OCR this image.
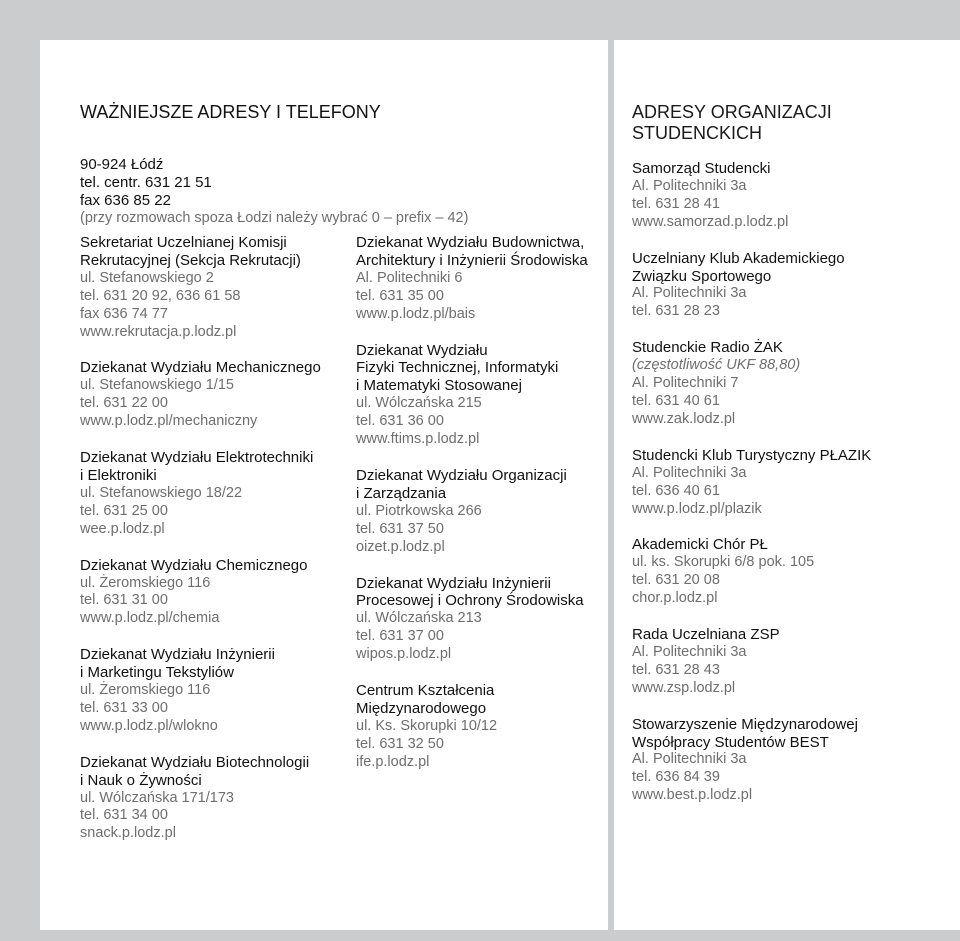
WAŻNIEJSZE ADRESY I TELEFONY
90-924 Łódź
tel. centr. 631 21 51
fax 636 85 22
(przy rozmowach spoza Łodzi należy wybrać 0 – prefix – 42)
Sekretariat Uczelnianej Komisji
Rekrutacyjnej (Sekcja Rekrutacji)
ul. Stefanowskiego 2
tel. 631 20 92, 636 61 58
fax 636 74 77
www.rekrutacja.p.lodz.pl
Dziekanat Wydziału Mechanicznego
ul. Stefanowskiego 1/15
tel. 631 22 00
www.p.lodz.pl/mechaniczny
Dziekanat Wydziału Elektrotechniki
i Elektroniki
ul. Stefanowskiego 18/22
tel. 631 25 00
wee.p.lodz.pl
Dziekanat Wydziału Chemicznego
ul. Żeromskiego 116
tel. 631 31 00
www.p.lodz.pl/chemia
Dziekanat Wydziału Inżynierii
i Marketingu Tekstyliów
ul. Żeromskiego 116
tel. 631 33 00
www.p.lodz.pl/wlokno
Dziekanat Wydziału Biotechnologii
i Nauk o Żywności
ul. Wólczańska 171/173
tel. 631 34 00
snack.p.lodz.pl
Dziekanat Wydziału Budownictwa,
Architektury i Inżynierii Środowiska
Al. Politechniki 6
tel. 631 35 00
www.p.lodz.pl/bais
Dziekanat Wydziału
Fizyki Technicznej, Informatyki
i Matematyki Stosowanej
ul. Wólczańska 215
tel. 631 36 00
www.ftims.p.lodz.pl
Dziekanat Wydziału Organizacji
i Zarządzania
ul. Piotrkowska 266
tel. 631 37 50
oizet.p.lodz.pl
Dziekanat Wydziału Inżynierii
Procesowej i Ochrony Środowiska
ul. Wólczańska 213
tel. 631 37 00
wipos.p.lodz.pl
Centrum Kształcenia
Międzynarodowego
ul. Ks. Skorupki 10/12
tel. 631 32 50
ife.p.lodz.pl
ADRESY ORGANIZACJI
STUDENCKICH
Samorząd Studencki
Al. Politechniki 3a
tel. 631 28 41
www.samorzad.p.lodz.pl
Uczelniany Klub Akademickiego
Związku Sportowego
Al. Politechniki 3a
tel. 631 28 23
Studenckie Radio ŻAK
(częstotliwość UKF 88,80)
Al. Politechniki 7
tel. 631 40 61
www.zak.lodz.pl
Studencki Klub Turystyczny PŁAZIK
Al. Politechniki 3a
tel. 636 40 61
www.p.lodz.pl/plazik
Akademicki Chór PŁ
ul. ks. Skorupki 6/8 pok. 105
tel. 631 20 08
chor.p.lodz.pl
Rada Uczelniana ZSP
Al. Politechniki 3a
tel. 631 28 43
www.zsp.lodz.pl
Stowarzyszenie Międzynarodowej
Współpracy Studentów BEST
Al. Politechniki 3a
tel. 636 84 39
www.best.p.lodz.pl
